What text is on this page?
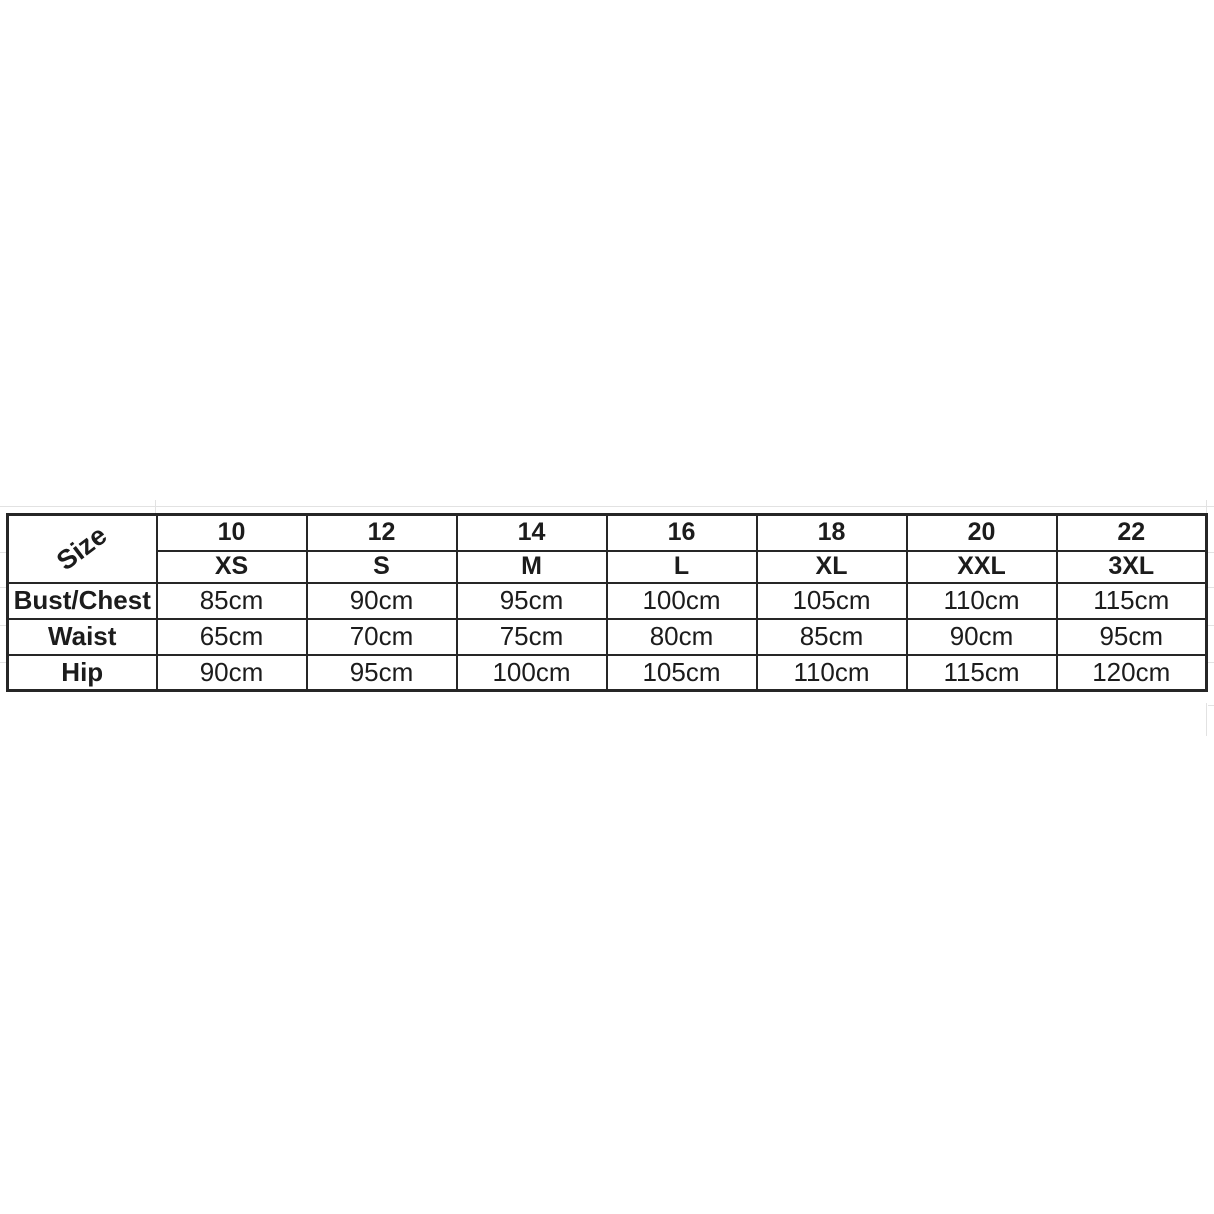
Size	10	12	14	16	18	20	22
	XS	S	M	L	XL	XXL	3XL
Bust/Chest	85cm	90cm	95cm	100cm	105cm	110cm	115cm
Waist	65cm	70cm	75cm	80cm	85cm	90cm	95cm
Hip	90cm	95cm	100cm	105cm	110cm	115cm	120cm
